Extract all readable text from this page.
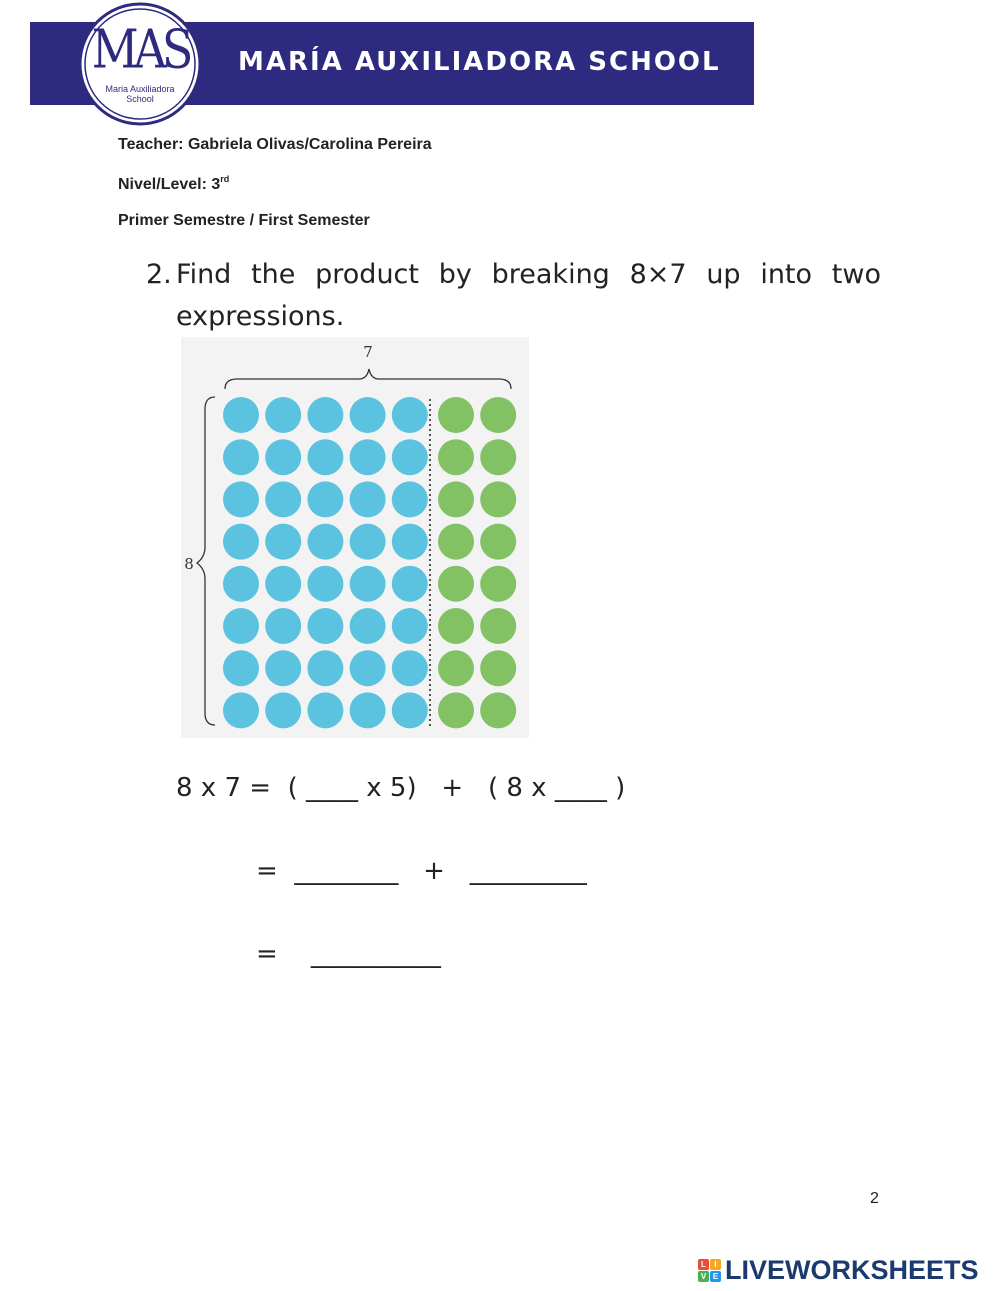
MARÍA AUXILIADORA SCHOOL
MAS
Maria Auxiliadora
School
Teacher: Gabriela Olivas/Carolina Pereira
Nivel/Level: 3rd
Primer Semestre / First Semester
2. Find the product by breaking 8×7 up into two expressions.
7
8
8 x 7 =  ( ____ x 5)   +   ( 8 x ____ )
=  ________   +   _________
=    __________
2
L	I
V E LIVEWORKSHEETS
